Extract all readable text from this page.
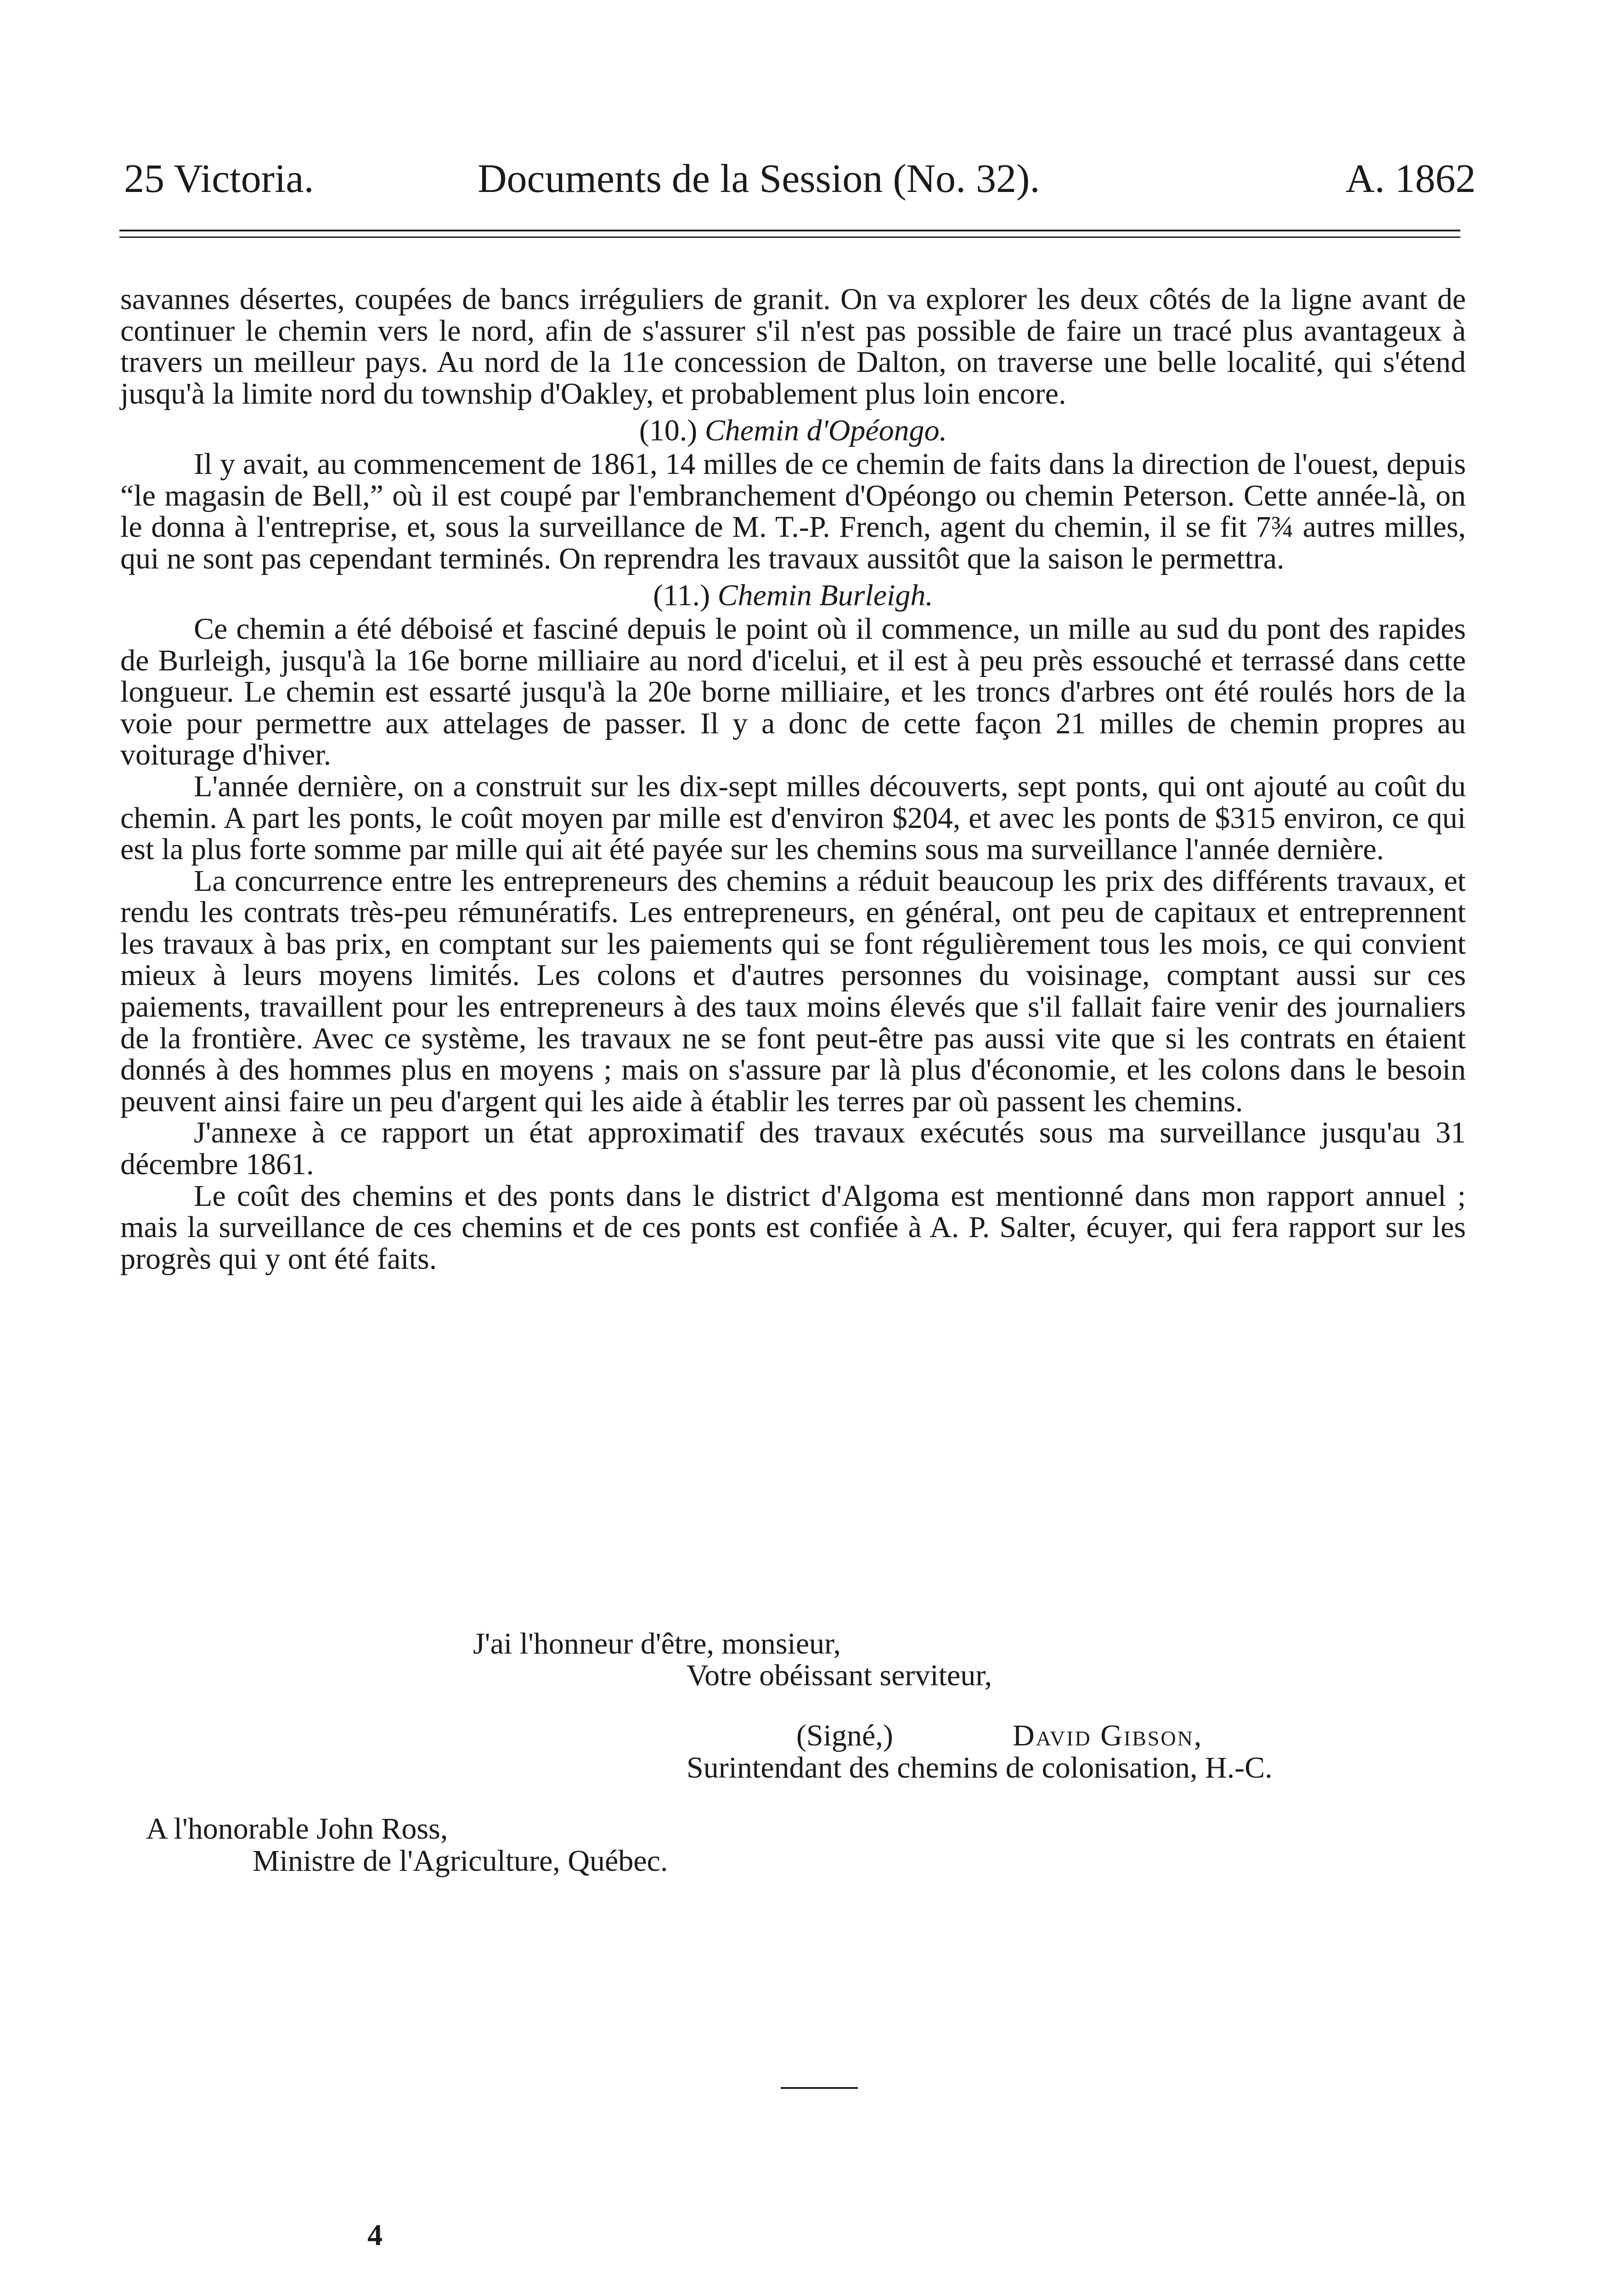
25 Victoria.	Documents de la Session (No. 32).	A. 1862

savannes désertes, coupées de bancs irréguliers de granit. On va explorer les deux côtés de la ligne avant de continuer le chemin vers le nord, afin de s'assurer s'il n'est pas possible de faire un tracé plus avantageux à travers un meilleur pays. Au nord de la 11e concession de Dalton, on traverse une belle localité, qui s'étend jusqu'à la limite nord du township d'Oakley, et probablement plus loin encore.

(10.) Chemin d'Opéongo.

Il y avait, au commencement de 1861, 14 milles de ce chemin de faits dans la direction de l'ouest, depuis “le magasin de Bell,” où il est coupé par l'embranchement d'Opéongo ou chemin Peterson. Cette année-là, on le donna à l'entreprise, et, sous la surveillance de M. T.-P. French, agent du chemin, il se fit 7¾ autres milles, qui ne sont pas cependant terminés. On reprendra les travaux aussitôt que la saison le permettra.

(11.) Chemin Burleigh.

Ce chemin a été déboisé et fasciné depuis le point où il commence, un mille au sud du pont des rapides de Burleigh, jusqu'à la 16e borne milliaire au nord d'icelui, et il est à peu près essouché et terrassé dans cette longueur. Le chemin est essarté jusqu'à la 20e borne milliaire, et les troncs d'arbres ont été roulés hors de la voie pour permettre aux attelages de passer. Il y a donc de cette façon 21 milles de chemin propres au voiturage d'hiver.

L'année dernière, on a construit sur les dix-sept milles découverts, sept ponts, qui ont ajouté au coût du chemin. A part les ponts, le coût moyen par mille est d'environ $204, et avec les ponts de $315 environ, ce qui est la plus forte somme par mille qui ait été payée sur les chemins sous ma surveillance l'année dernière.

La concurrence entre les entrepreneurs des chemins a réduit beaucoup les prix des différents travaux, et rendu les contrats très-peu rémunératifs. Les entrepreneurs, en général, ont peu de capitaux et entreprennent les travaux à bas prix, en comptant sur les paiements qui se font régulièrement tous les mois, ce qui convient mieux à leurs moyens limités. Les colons et d'autres personnes du voisinage, comptant aussi sur ces paiements, travaillent pour les entrepreneurs à des taux moins élevés que s'il fallait faire venir des journaliers de la frontière. Avec ce système, les travaux ne se font peut-être pas aussi vite que si les contrats en étaient donnés à des hommes plus en moyens ; mais on s'assure par là plus d'économie, et les colons dans le besoin peuvent ainsi faire un peu d'argent qui les aide à établir les terres par où passent les chemins.

J'annexe à ce rapport un état approximatif des travaux exécutés sous ma surveillance jusqu'au 31 décembre 1861.

Le coût des chemins et des ponts dans le district d'Algoma est mentionné dans mon rapport annuel ; mais la surveillance de ces chemins et de ces ponts est confiée à A. P. Salter, écuyer, qui fera rapport sur les progrès qui y ont été faits.

J'ai l'honneur d'être, monsieur,
Votre obéissant serviteur,
(Signé,)	David Gibson,
Surintendant des chemins de colonisation, H.-C.
A l'honorable John Ross,
Ministre de l'Agriculture, Québec.
4
